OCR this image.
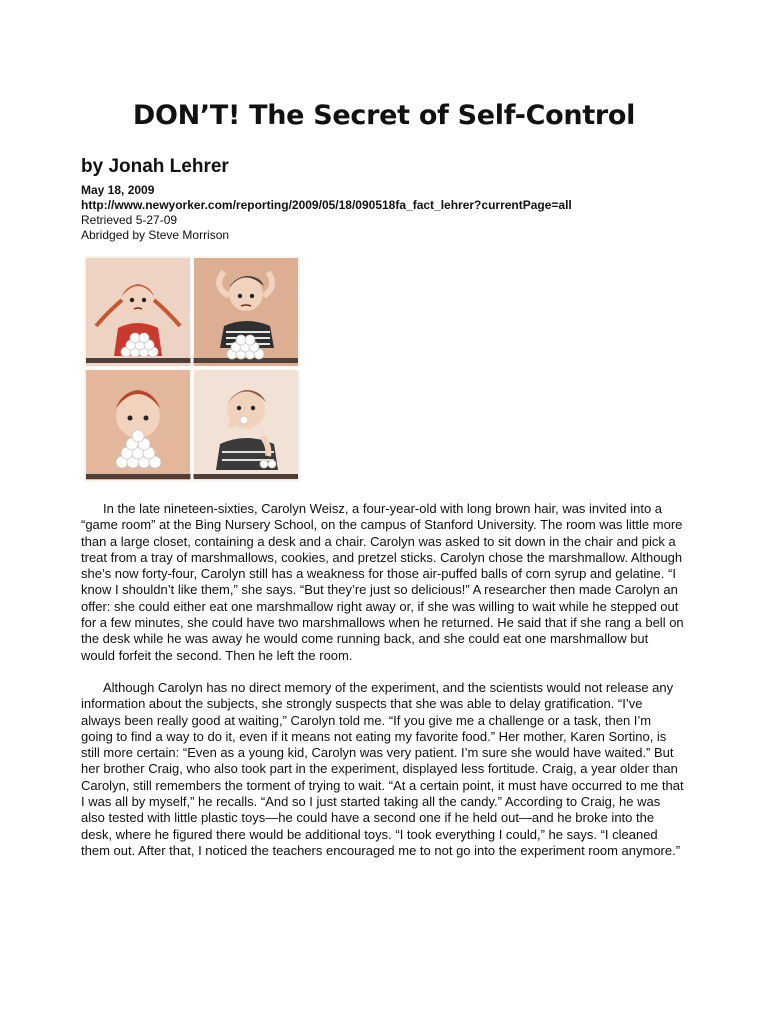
DON’T! The Secret of Self-Control
by Jonah Lehrer
May 18, 2009
http://www.newyorker.com/reporting/2009/05/18/090518fa_fact_lehrer?currentPage=all
Retrieved 5-27-09
Abridged by Steve Morrison

In the late nineteen-sixties, Carolyn Weisz, a four-year-old with long brown hair, was invited into a “game room” at the Bing Nursery School, on the campus of Stanford University. The room was little more than a large closet, containing a desk and a chair. Carolyn was asked to sit down in the chair and pick a treat from a tray of marshmallows, cookies, and pretzel sticks. Carolyn chose the marshmallow. Although she’s now forty-four, Carolyn still has a weakness for those air-puffed balls of corn syrup and gelatine. “I know I shouldn’t like them,” she says. “But they’re just so delicious!” A researcher then made Carolyn an offer: she could either eat one marshmallow right away or, if she was willing to wait while he stepped out for a few minutes, she could have two marshmallows when he returned. He said that if she rang a bell on the desk while he was away he would come running back, and she could eat one marshmallow but would forfeit the second. Then he left the room.

Although Carolyn has no direct memory of the experiment, and the scientists would not release any information about the subjects, she strongly suspects that she was able to delay gratification. “I’ve always been really good at waiting,” Carolyn told me. “If you give me a challenge or a task, then I’m going to find a way to do it, even if it means not eating my favorite food.” Her mother, Karen Sortino, is still more certain: “Even as a young kid, Carolyn was very patient. I’m sure she would have waited.” But her brother Craig, who also took part in the experiment, displayed less fortitude. Craig, a year older than Carolyn, still remembers the torment of trying to wait. “At a certain point, it must have occurred to me that I was all by myself,” he recalls. “And so I just started taking all the candy.” According to Craig, he was also tested with little plastic toys—he could have a second one if he held out—and he broke into the desk, where he figured there would be additional toys. “I took everything I could,” he says. “I cleaned them out. After that, I noticed the teachers encouraged me to not go into the experiment room anymore.”
